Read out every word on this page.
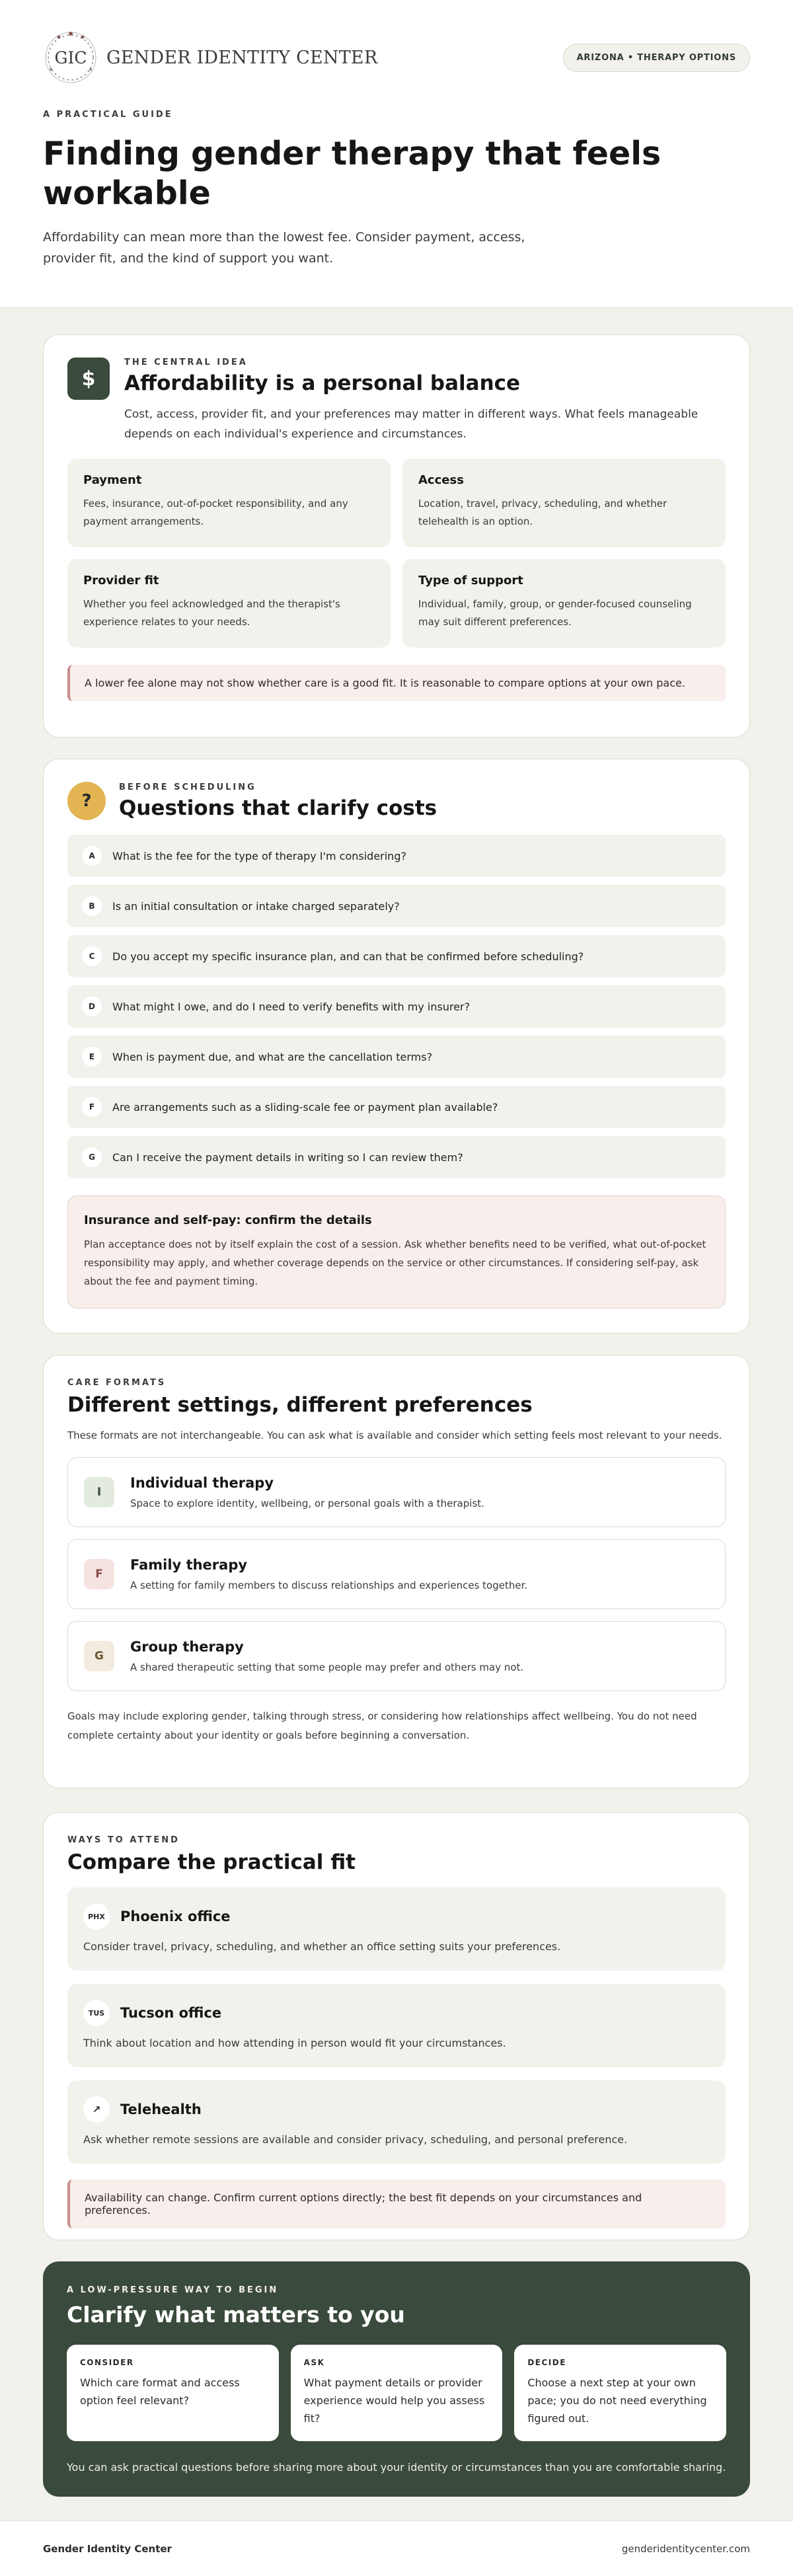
GIC GENDER IDENTITY CENTER	ARIZONA • THERAPY OPTIONS
A PRACTICAL GUIDE
Finding gender therapy that feels workable

Affordability can mean more than the lowest fee. Consider payment, access, provider fit, and the kind of support you want.

$
THE CENTRAL IDEA
Affordability is a personal balance

Cost, access, provider fit, and your preferences may matter in different ways. What feels manageable depends on each individual's experience and circumstances.

Payment

Fees, insurance, out-of-pocket responsibility, and any payment arrangements.

Access

Location, travel, privacy, scheduling, and whether telehealth is an option.

Provider fit

Whether you feel acknowledged and the therapist's experience relates to your needs.

Type of support

Individual, family, group, or gender-focused counseling may suit different preferences.

A lower fee alone may not show whether care is a good fit. It is reasonable to compare options at your own pace.
?
BEFORE SCHEDULING
Questions that clarify costs
A	What is the fee for the type of therapy I'm considering?
B	Is an initial consultation or intake charged separately?
C	Do you accept my specific insurance plan, and can that be confirmed before scheduling?
D	What might I owe, and do I need to verify benefits with my insurer?
E	When is payment due, and what are the cancellation terms?
F	Are arrangements such as a sliding-scale fee or payment plan available?
G	Can I receive the payment details in writing so I can review them?
Insurance and self-pay: confirm the details

Plan acceptance does not by itself explain the cost of a session. Ask whether benefits need to be verified, what out-of-pocket responsibility may apply, and whether coverage depends on the service or other circumstances. If considering self-pay, ask about the fee and payment timing.

CARE FORMATS
Different settings, different preferences

These formats are not interchangeable. You can ask what is available and consider which setting feels most relevant to your needs.

I
Individual therapy

Space to explore identity, wellbeing, or personal goals with a therapist.

F
Family therapy

A setting for family members to discuss relationships and experiences together.

G
Group therapy

A shared therapeutic setting that some people may prefer and others may not.

Goals may include exploring gender, talking through stress, or considering how relationships affect wellbeing. You do not need complete certainty about your identity or goals before beginning a conversation.

WAYS TO ATTEND
Compare the practical fit
PHX	Phoenix office

Consider travel, privacy, scheduling, and whether an office setting suits your preferences.

TUS	Tucson office

Think about location and how attending in person would fit your circumstances.

↗	Telehealth

Ask whether remote sessions are available and consider privacy, scheduling, and personal preference.

Availability can change. Confirm current options directly; the best fit depends on your circumstances and preferences.
A LOW-PRESSURE WAY TO BEGIN
Clarify what matters to you
CONSIDER

Which care format and access option feel relevant?

ASK

What payment details or provider experience would help you assess fit?

DECIDE

Choose a next step at your own pace; you do not need everything figured out.

You can ask practical questions before sharing more about your identity or circumstances than you are comfortable sharing.

Gender Identity Center	genderidentitycenter.com
